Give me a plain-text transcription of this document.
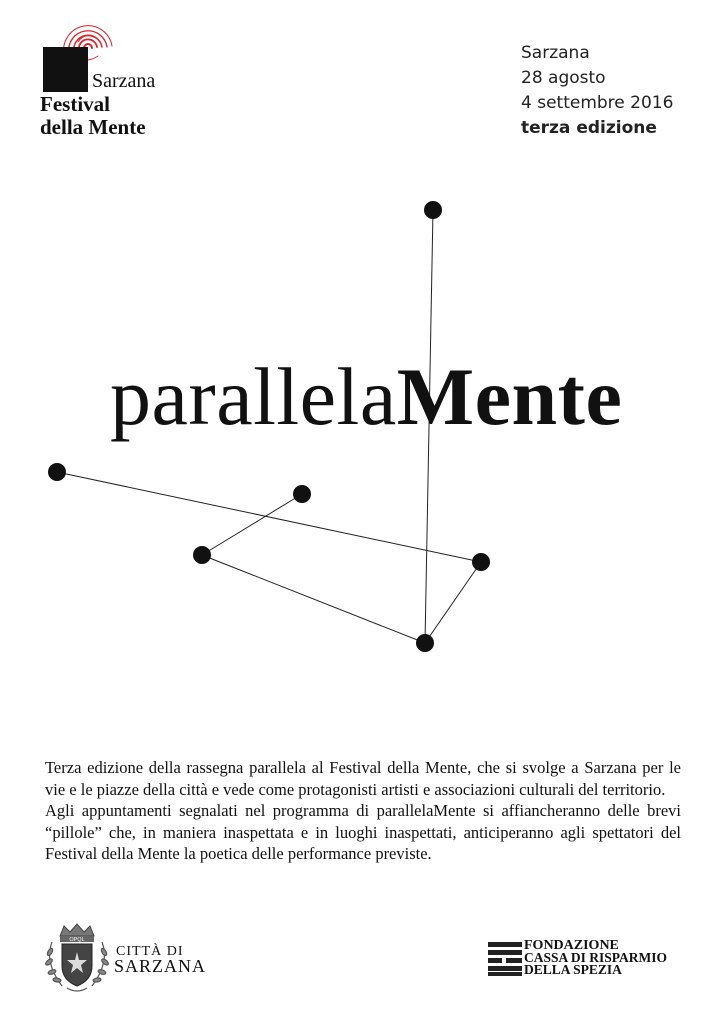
Sarzana
Festival
della Mente
Sarzana
28 agosto
4 settembre 2016
terza edizione
parallelaMente

Terza edizione della rassegna parallela al Festival della Mente, che si svolge a Sarzana per le vie e le piazze della città e vede come protagonisti artisti e associazioni culturali del territorio.

Agli appuntamenti segnalati nel programma di parallelaMente si affiancheranno delle brevi “pillole” che, in maniera inaspettata e in luoghi inaspettati, anticiperanno agli spettatori del Festival della Mente la poetica delle performance previste.

OPQL
CITTÀ DI
SARZANA
FONDAZIONE
CASSA DI RISPARMIO
DELLA SPEZIA
